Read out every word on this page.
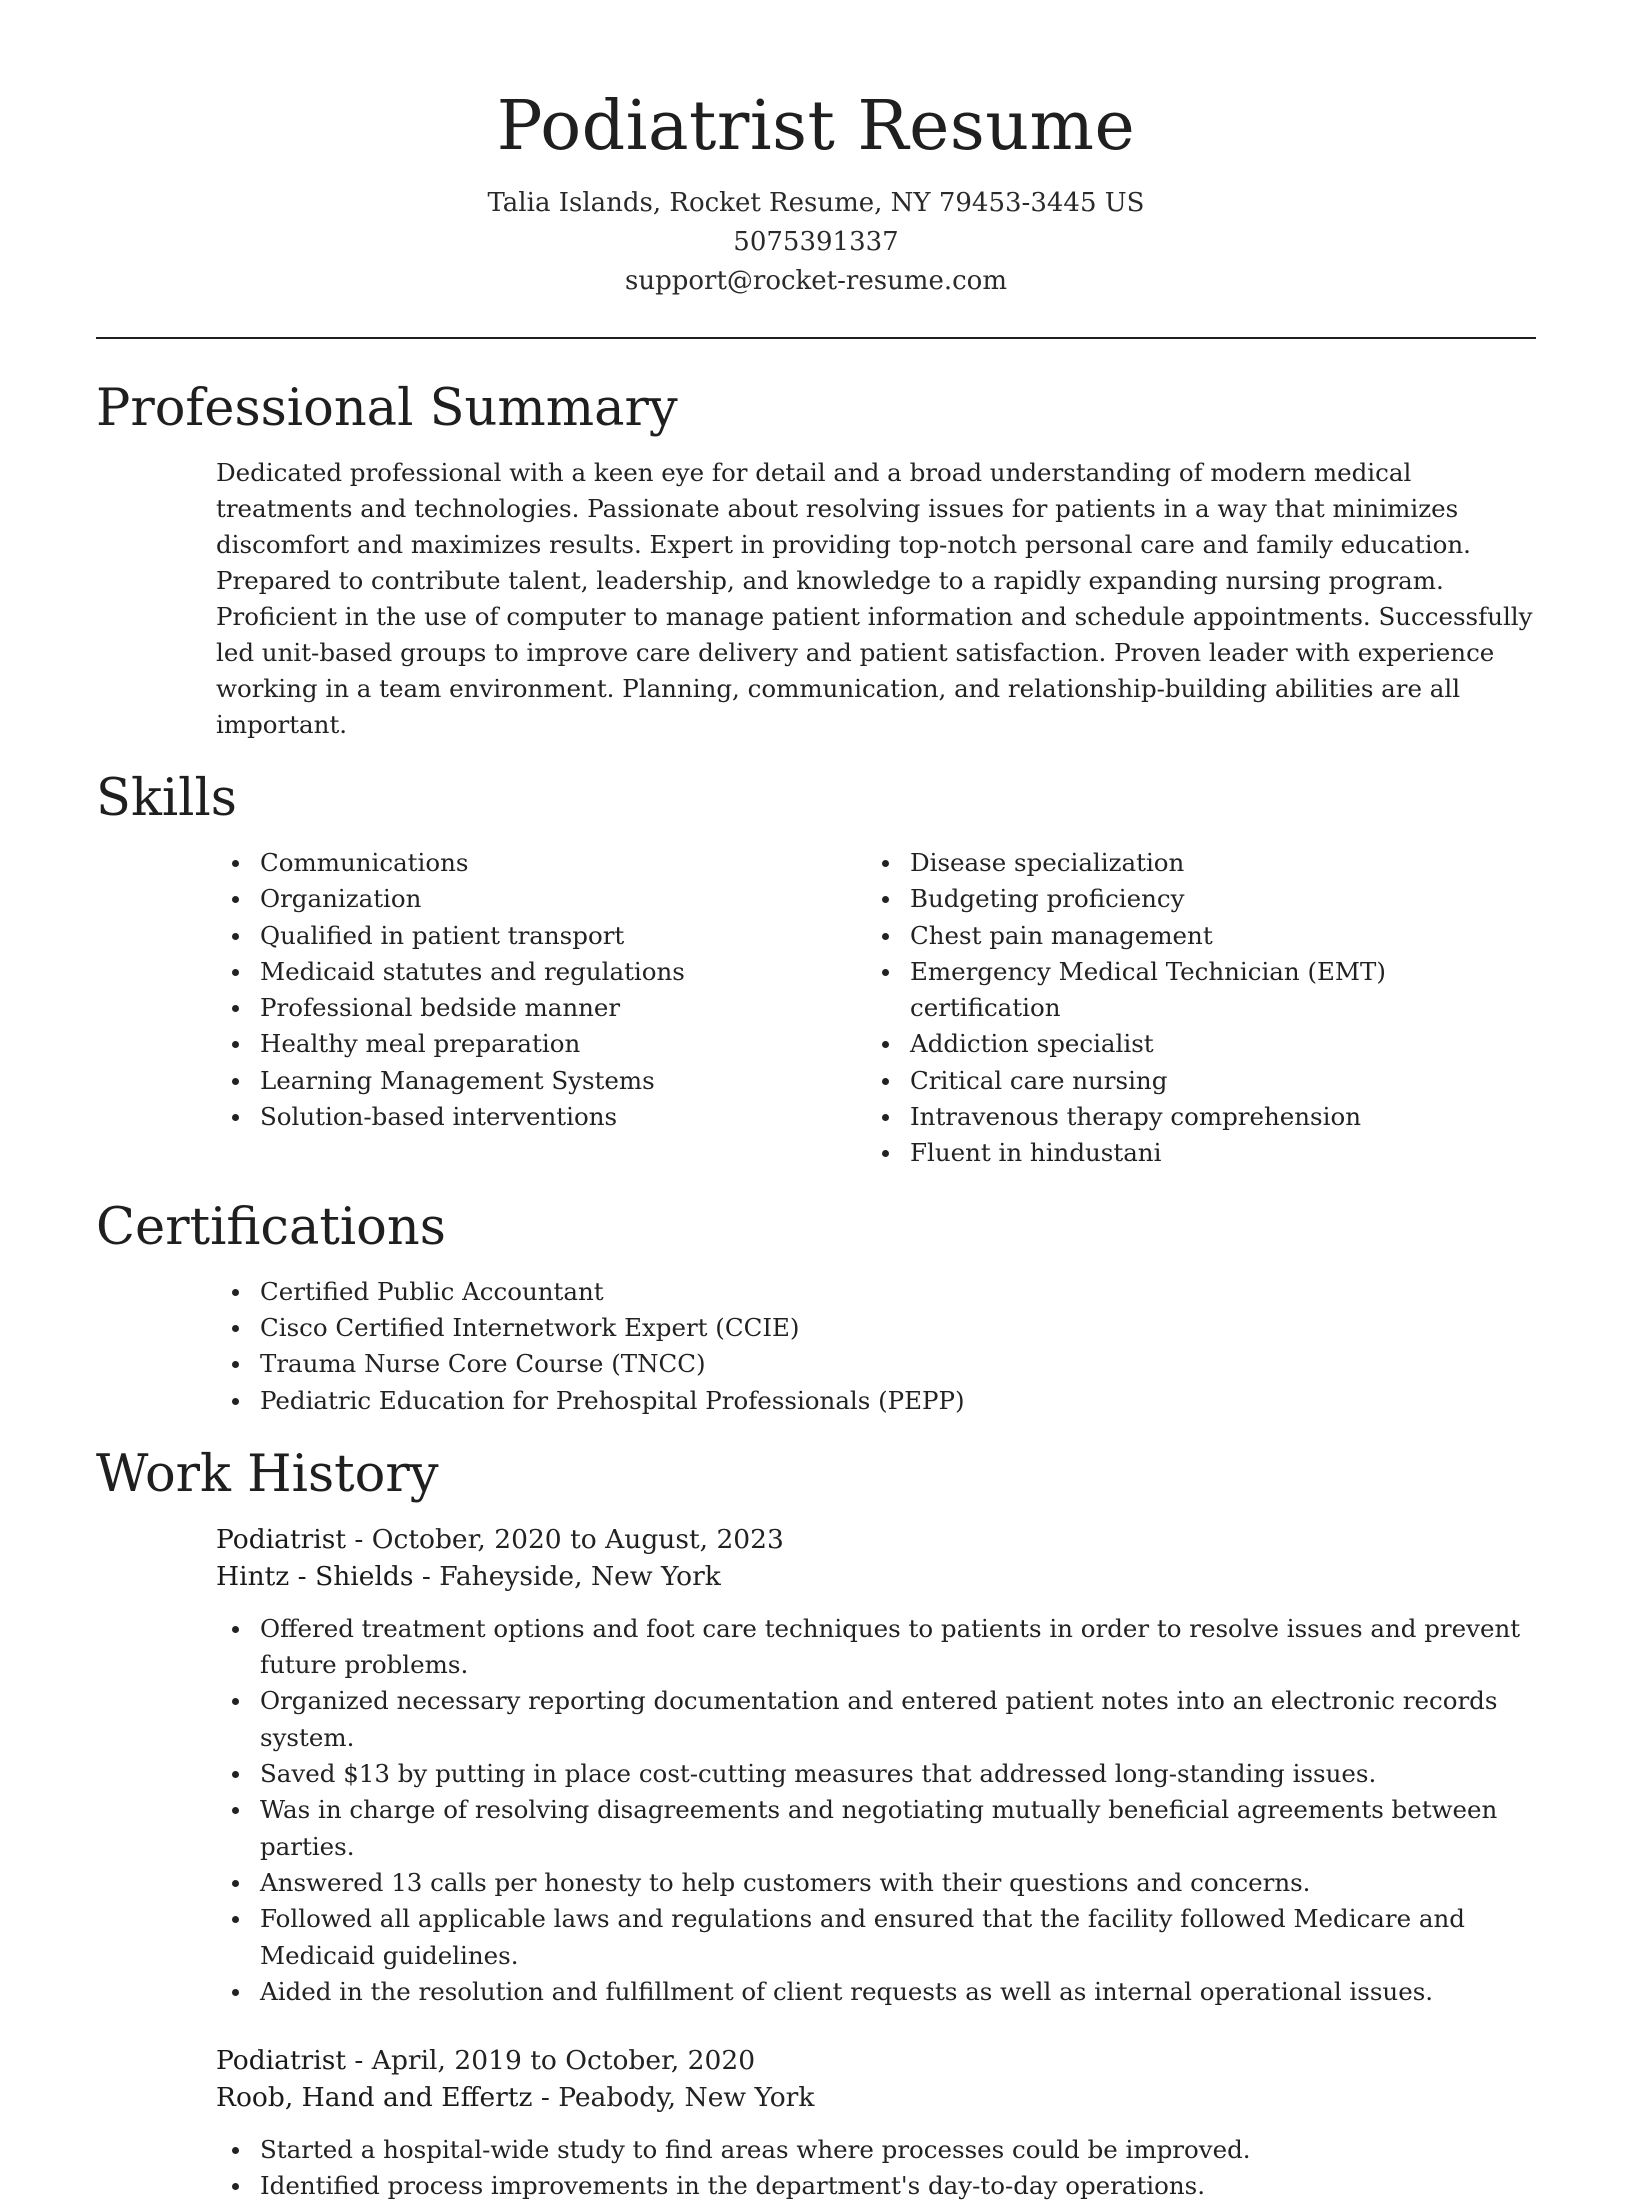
Podiatrist Resume
Talia Islands, Rocket Resume, NY 79453-3445 US
5075391337
support@rocket-resume.com
Professional Summary

Dedicated professional with a keen eye for detail and a broad understanding of modern medical treatments and technologies. Passionate about resolving issues for patients in a way that minimizes discomfort and maximizes results. Expert in providing top-notch personal care and family education. Prepared to contribute talent, leadership, and knowledge to a rapidly expanding nursing program. Proficient in the use of computer to manage patient information and schedule appointments. Successfully led unit-based groups to improve care delivery and patient satisfaction. Proven leader with experience working in a team environment. Planning, communication, and relationship-building abilities are all important.

Skills
Communications
Organization
Qualified in patient transport
Medicaid statutes and regulations
Professional bedside manner
Healthy meal preparation
Learning Management Systems
Solution-based interventions
Disease specialization
Budgeting proficiency
Chest pain management
Emergency Medical Technician (EMT) certification
Addiction specialist
Critical care nursing
Intravenous therapy comprehension
Fluent in hindustani
Certifications
Certified Public Accountant
Cisco Certified Internetwork Expert (CCIE)
Trauma Nurse Core Course (TNCC)
Pediatric Education for Prehospital Professionals (PEPP)
Work History
Podiatrist - October, 2020 to August, 2023
Hintz - Shields - Faheyside, New York
Offered treatment options and foot care techniques to patients in order to resolve issues and prevent future problems.
Organized necessary reporting documentation and entered patient notes into an electronic records system.
Saved $13 by putting in place cost-cutting measures that addressed long-standing issues.
Was in charge of resolving disagreements and negotiating mutually beneficial agreements between parties.
Answered 13 calls per honesty to help customers with their questions and concerns.
Followed all applicable laws and regulations and ensured that the facility followed Medicare and Medicaid guidelines.
Aided in the resolution and fulfillment of client requests as well as internal operational issues.
Podiatrist - April, 2019 to October, 2020
Roob, Hand and Effertz - Peabody, New York
Started a hospital-wide study to find areas where processes could be improved.
Identified process improvements in the department's day-to-day operations.
